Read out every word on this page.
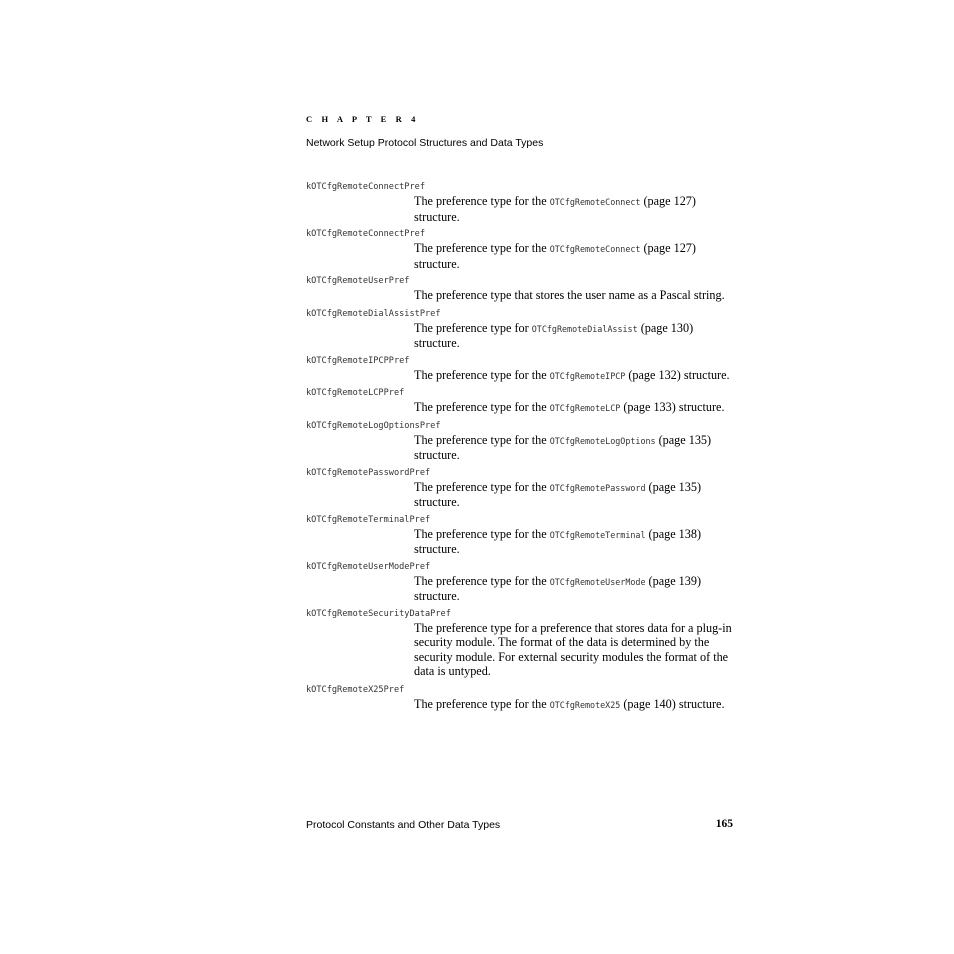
C H A P T E R 4
Network Setup Protocol Structures and Data Types
kOTCfgRemoteConnectPref
The preference type for the OTCfgRemoteConnect (page 127) structure.
kOTCfgRemoteConnectPref
The preference type for the OTCfgRemoteConnect (page 127) structure.
kOTCfgRemoteUserPref
The preference type that stores the user name as a Pascal string.
kOTCfgRemoteDialAssistPref
The preference type for OTCfgRemoteDialAssist (page 130) structure.
kOTCfgRemoteIPCPPref
The preference type for the OTCfgRemoteIPCP (page 132) structure.
kOTCfgRemoteLCPPref
The preference type for the OTCfgRemoteLCP (page 133) structure.
kOTCfgRemoteLogOptionsPref
The preference type for the OTCfgRemoteLogOptions (page 135) structure.
kOTCfgRemotePasswordPref
The preference type for the OTCfgRemotePassword (page 135) structure.
kOTCfgRemoteTerminalPref
The preference type for the OTCfgRemoteTerminal (page 138) structure.
kOTCfgRemoteUserModePref
The preference type for the OTCfgRemoteUserMode (page 139) structure.
kOTCfgRemoteSecurityDataPref
The preference type for a preference that stores data for a plug-in security module. The format of the data is determined by the security module. For external security modules the format of the data is untyped.
kOTCfgRemoteX25Pref
The preference type for the OTCfgRemoteX25 (page 140) structure.
Protocol Constants and Other Data Types	165
